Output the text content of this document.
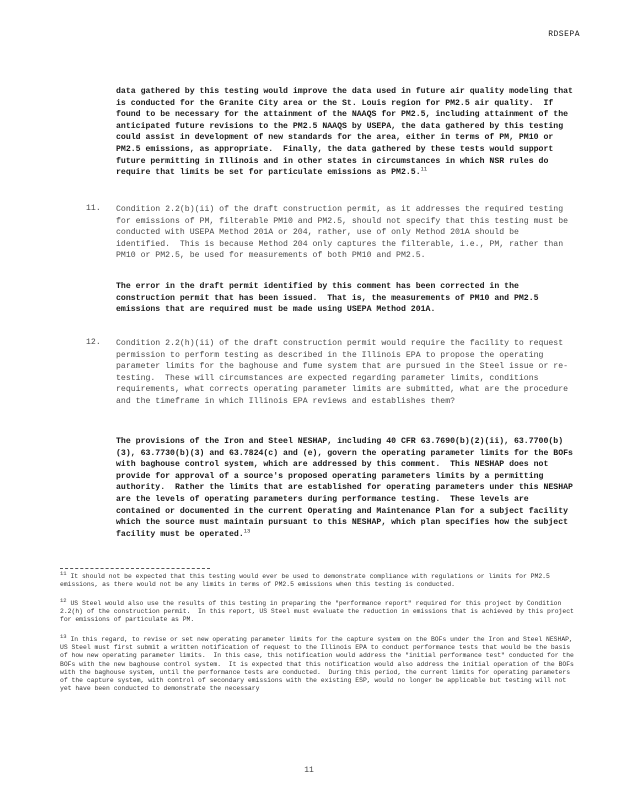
RDSEPA
data gathered by this testing would improve the data used in future air quality modeling that is conducted for the Granite City area or the St. Louis region for PM2.5 air quality.  If found to be necessary for the attainment of the NAAQS for PM2.5, including attainment of the anticipated future revisions to the PM2.5 NAAQS by USEPA, the data gathered by this testing could assist in development of new standards for the area, either in terms of PM, PM10 or PM2.5 emissions, as appropriate.  Finally, the data gathered by these tests would support future permitting in Illinois and in other states in circumstances in which NSR rules do require that limits be set for particulate emissions as PM2.5.11
11. Condition 2.2(b)(ii) of the draft construction permit, as it addresses the required testing for emissions of PM, filterable PM10 and PM2.5, should not specify that this testing must be conducted with USEPA Method 201A or 204, rather, use of only Method 201A should be identified.  This is because Method 204 only captures the filterable, i.e., PM, rather than PM10 or PM2.5, be used for measurements of both PM10 and PM2.5.
The error in the draft permit identified by this comment has been corrected in the construction permit that has been issued.  That is, the measurements of PM10 and PM2.5 emissions that are required must be made using USEPA Method 201A.
12. Condition 2.2(h)(ii) of the draft construction permit would require the facility to request permission to perform testing as described in the Illinois EPA to propose the operating parameter limits for the baghouse and fume system that are pursued in the Steel issue or re-testing.  These will circumstances are expected regarding parameter limits, conditions requirements, what corrects operating parameter limits are submitted, what are the procedure and the timeframe in which Illinois EPA reviews and establishes them?
The provisions of the Iron and Steel NESHAP, including 40 CFR 63.7690(b)(2)(ii), 63.7700(b)(3), 63.7730(b)(3) and 63.7824(c) and (e), govern the operating parameter limits for the BOFs with baghouse control system, which are addressed by this comment.  This NESHAP does not provide for approval of a source's proposed operating parameters limits by a permitting authority.  Rather the limits that are established for operating parameters under this NESHAP are the levels of operating parameters during performance testing.  These levels are contained or documented in the current Operating and Maintenance Plan for a subject facility which the source must maintain pursuant to this NESHAP, which plan specifies how the subject facility must be operated.$^{13}$
$^{11}$ It should not be expected that this testing would ever be used to demonstrate compliance with regulations or limits for PM2.5 emissions, as there would not be any limits in terms of PM2.5 emissions when this testing is conducted.
$^{12}$ US Steel would also use the results of this testing in preparing the "performance report" required for this project by Condition 2.2(h) of the construction permit.  In this report, US Steel must evaluate the reduction in emissions that is achieved by this project for emissions of particulate as PM.
$^{13}$ In this regard, to revise or set new operating parameter limits for the capture system on the BOFs under the Iron and Steel NESHAP, US Steel must first submit a written notification of request to the Illinois EPA to conduct performance tests that would be the basis of how new operating parameter limits.  In this case, this notification would address the "initial performance test" conducted for the BOFs with the new baghouse control system.  It is expected that this notification would also address the initial operation of the BOFs with the baghouse system, until the performance tests are conducted.  During this period, the current limits for operating parameters of the capture system, with control of secondary emissions with the existing ESP, would no longer be applicable but testing will not yet have been conducted to demonstrate the necessary
11
